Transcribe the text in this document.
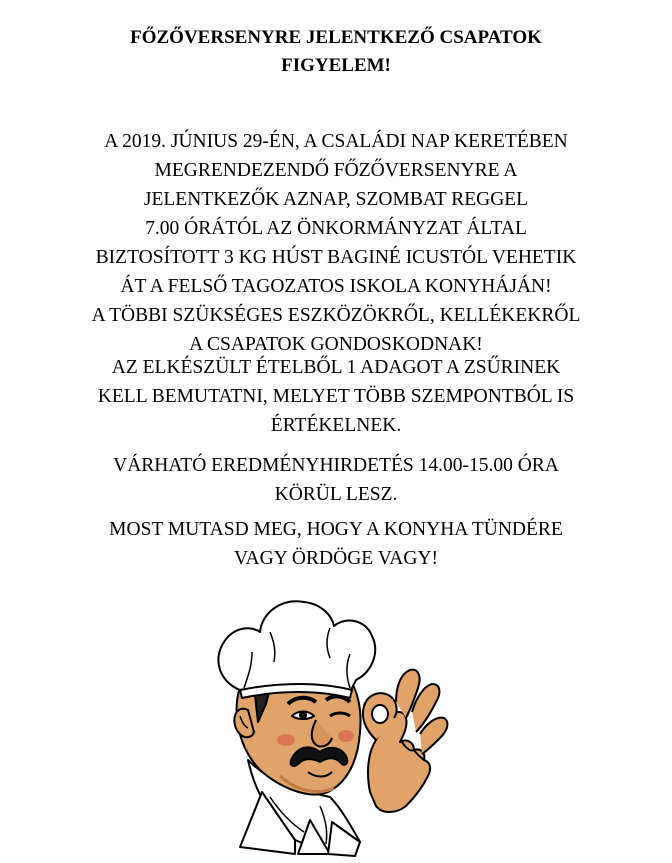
FŐZŐVERSENYRE JELENTKEZŐ CSAPATOK
FIGYELEM!
A 2019. JÚNIUS 29-ÉN, A CSALÁDI NAP KERETÉBEN
MEGRENDEZENDŐ FŐZŐVERSENYRE A
JELENTKEZŐK AZNAP, SZOMBAT REGGEL
7.00 ÓRÁTÓL AZ ÖNKORMÁNYZAT ÁLTAL
BIZTOSÍTOTT 3 KG HÚST BAGINÉ ICUSTÓL VEHETIK
ÁT A FELSŐ TAGOZATOS ISKOLA KONYHÁJÁN!
A TÖBBI SZÜKSÉGES ESZKÖZÖKRŐL, KELLÉKEKRŐL
A CSAPATOK GONDOSKODNAK!
AZ ELKÉSZÜLT ÉTELBŐL 1 ADAGOT A ZSŰRINEK
KELL BEMUTATNI, MELYET TÖBB SZEMPONTBÓL IS
ÉRTÉKELNEK.
VÁRHATÓ EREDMÉNYHIRDETÉS 14.00-15.00 ÓRA
KÖRÜL LESZ.
MOST MUTASD MEG, HOGY A KONYHA TÜNDÉRE
VAGY ÖRDÖGE VAGY!
